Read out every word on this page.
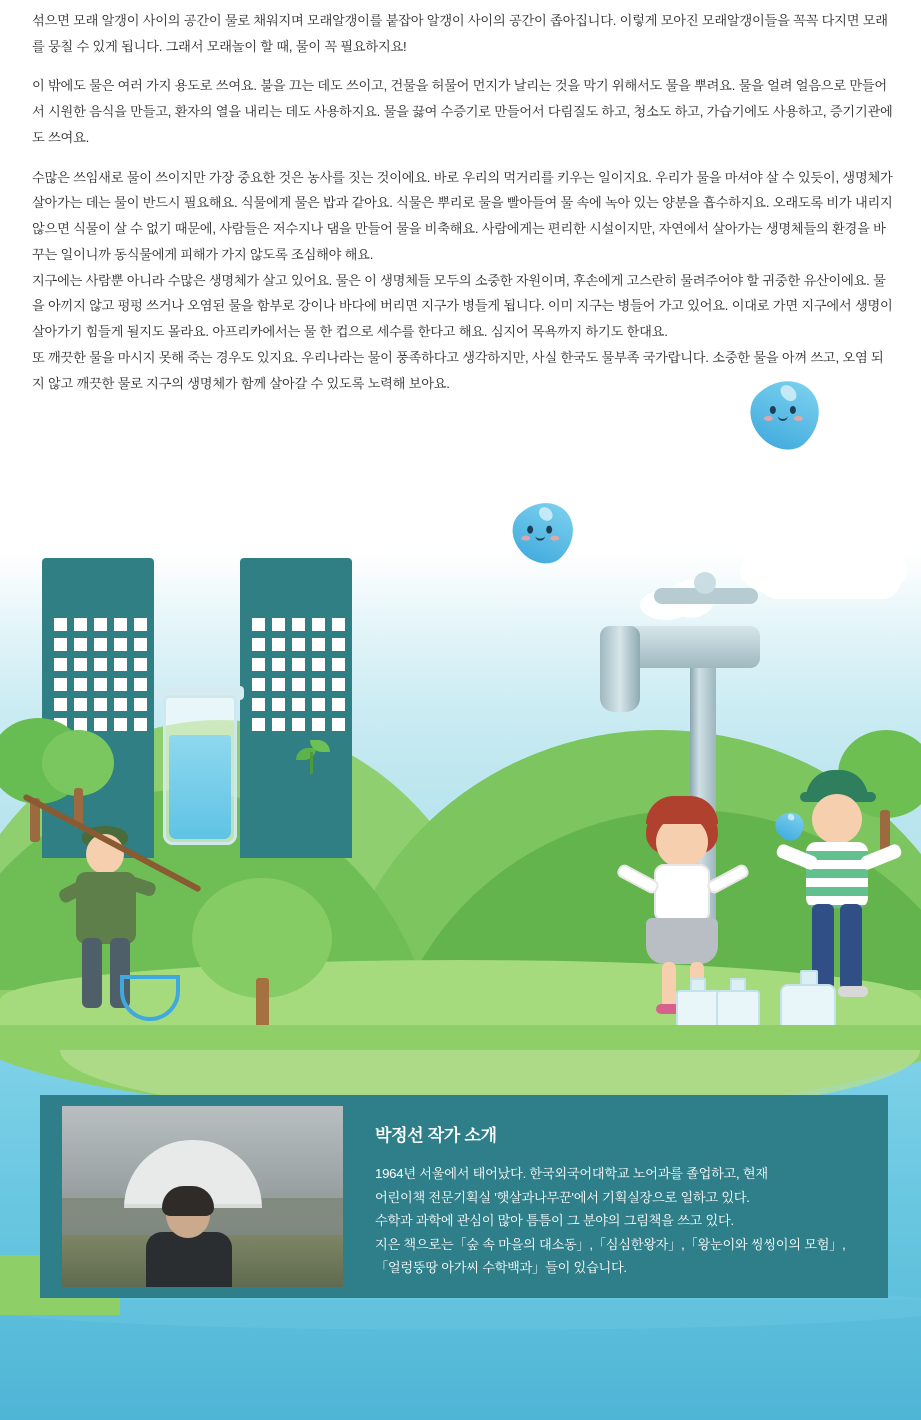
섞으면 모래 알갱이 사이의 공간이 물로 채워지며 모래알갱이를 붙잡아 알갱이 사이의 공간이 좁아집니다. 이렇게 모아진 모래알갱이들을 꼭꼭 다지면 모래를 뭉칠 수 있게 됩니다. 그래서 모래놀이 할 때, 물이 꼭 필요하지요!

이 밖에도 물은 여러 가지 용도로 쓰여요. 불을 끄는 데도 쓰이고, 건물을 허물어 먼지가 날리는 것을 막기 위해서도 물을 뿌려요. 물을 얼려 얼음으로 만들어서 시원한 음식을 만들고, 환자의 열을 내리는 데도 사용하지요. 물을 끓여 수증기로 만들어서 다림질도 하고, 청소도 하고, 가습기에도 사용하고, 증기기관에도 쓰여요.

수많은 쓰임새로 물이 쓰이지만 가장 중요한 것은 농사를 짓는 것이에요. 바로 우리의 먹거리를 키우는 일이지요. 우리가 물을 마셔야 살 수 있듯이, 생명체가 살아가는 데는 물이 반드시 필요해요. 식물에게 물은 밥과 같아요. 식물은 뿌리로 물을 빨아들여 물 속에 녹아 있는 양분을 흡수하지요. 오래도록 비가 내리지 않으면 식물이 살 수 없기 때문에, 사람들은 저수지나 댐을 만들어 물을 비축해요. 사람에게는 편리한 시설이지만, 자연에서 살아가는 생명체들의 환경을 바꾸는 일이니까 동식물에게 피해가 가지 않도록 조심해야 해요.

지구에는 사람뿐 아니라 수많은 생명체가 살고 있어요. 물은 이 생명체들 모두의 소중한 자원이며, 후손에게 고스란히 물려주어야 할 귀중한 유산이에요. 물을 아끼지 않고 펑펑 쓰거나 오염된 물을 함부로 강이나 바다에 버리면 지구가 병들게 됩니다. 이미 지구는 병들어 가고 있어요. 이대로 가면 지구에서 생명이 살아가기 힘들게 될지도 몰라요. 아프리카에서는 물 한 컵으로 세수를 한다고 해요. 심지어 목욕까지 하기도 한대요.

또 깨끗한 물을 마시지 못해 죽는 경우도 있지요. 우리나라는 물이 풍족하다고 생각하지만, 사실 한국도 물부족 국가랍니다. 소중한 물을 아껴 쓰고, 오염 되지 않고 깨끗한 물로 지구의 생명체가 함께 살아갈 수 있도록 노력해 보아요.

박정선 작가 소개
1964년 서울에서 태어났다. 한국외국어대학교 노어과를 졸업하고, 현재
어린이책 전문기획실 '햇살과나무꾼'에서 기획실장으로 일하고 있다.
수학과 과학에 관심이 많아 틈틈이 그 분야의 그림책을 쓰고 있다.
지은 책으로는「숲 속 마을의 대소동」,「심심한왕자」,「왕눈이와 씽씽이의 모험」,
「얼렁뚱땅 아가씨 수학백과」들이 있습니다.
